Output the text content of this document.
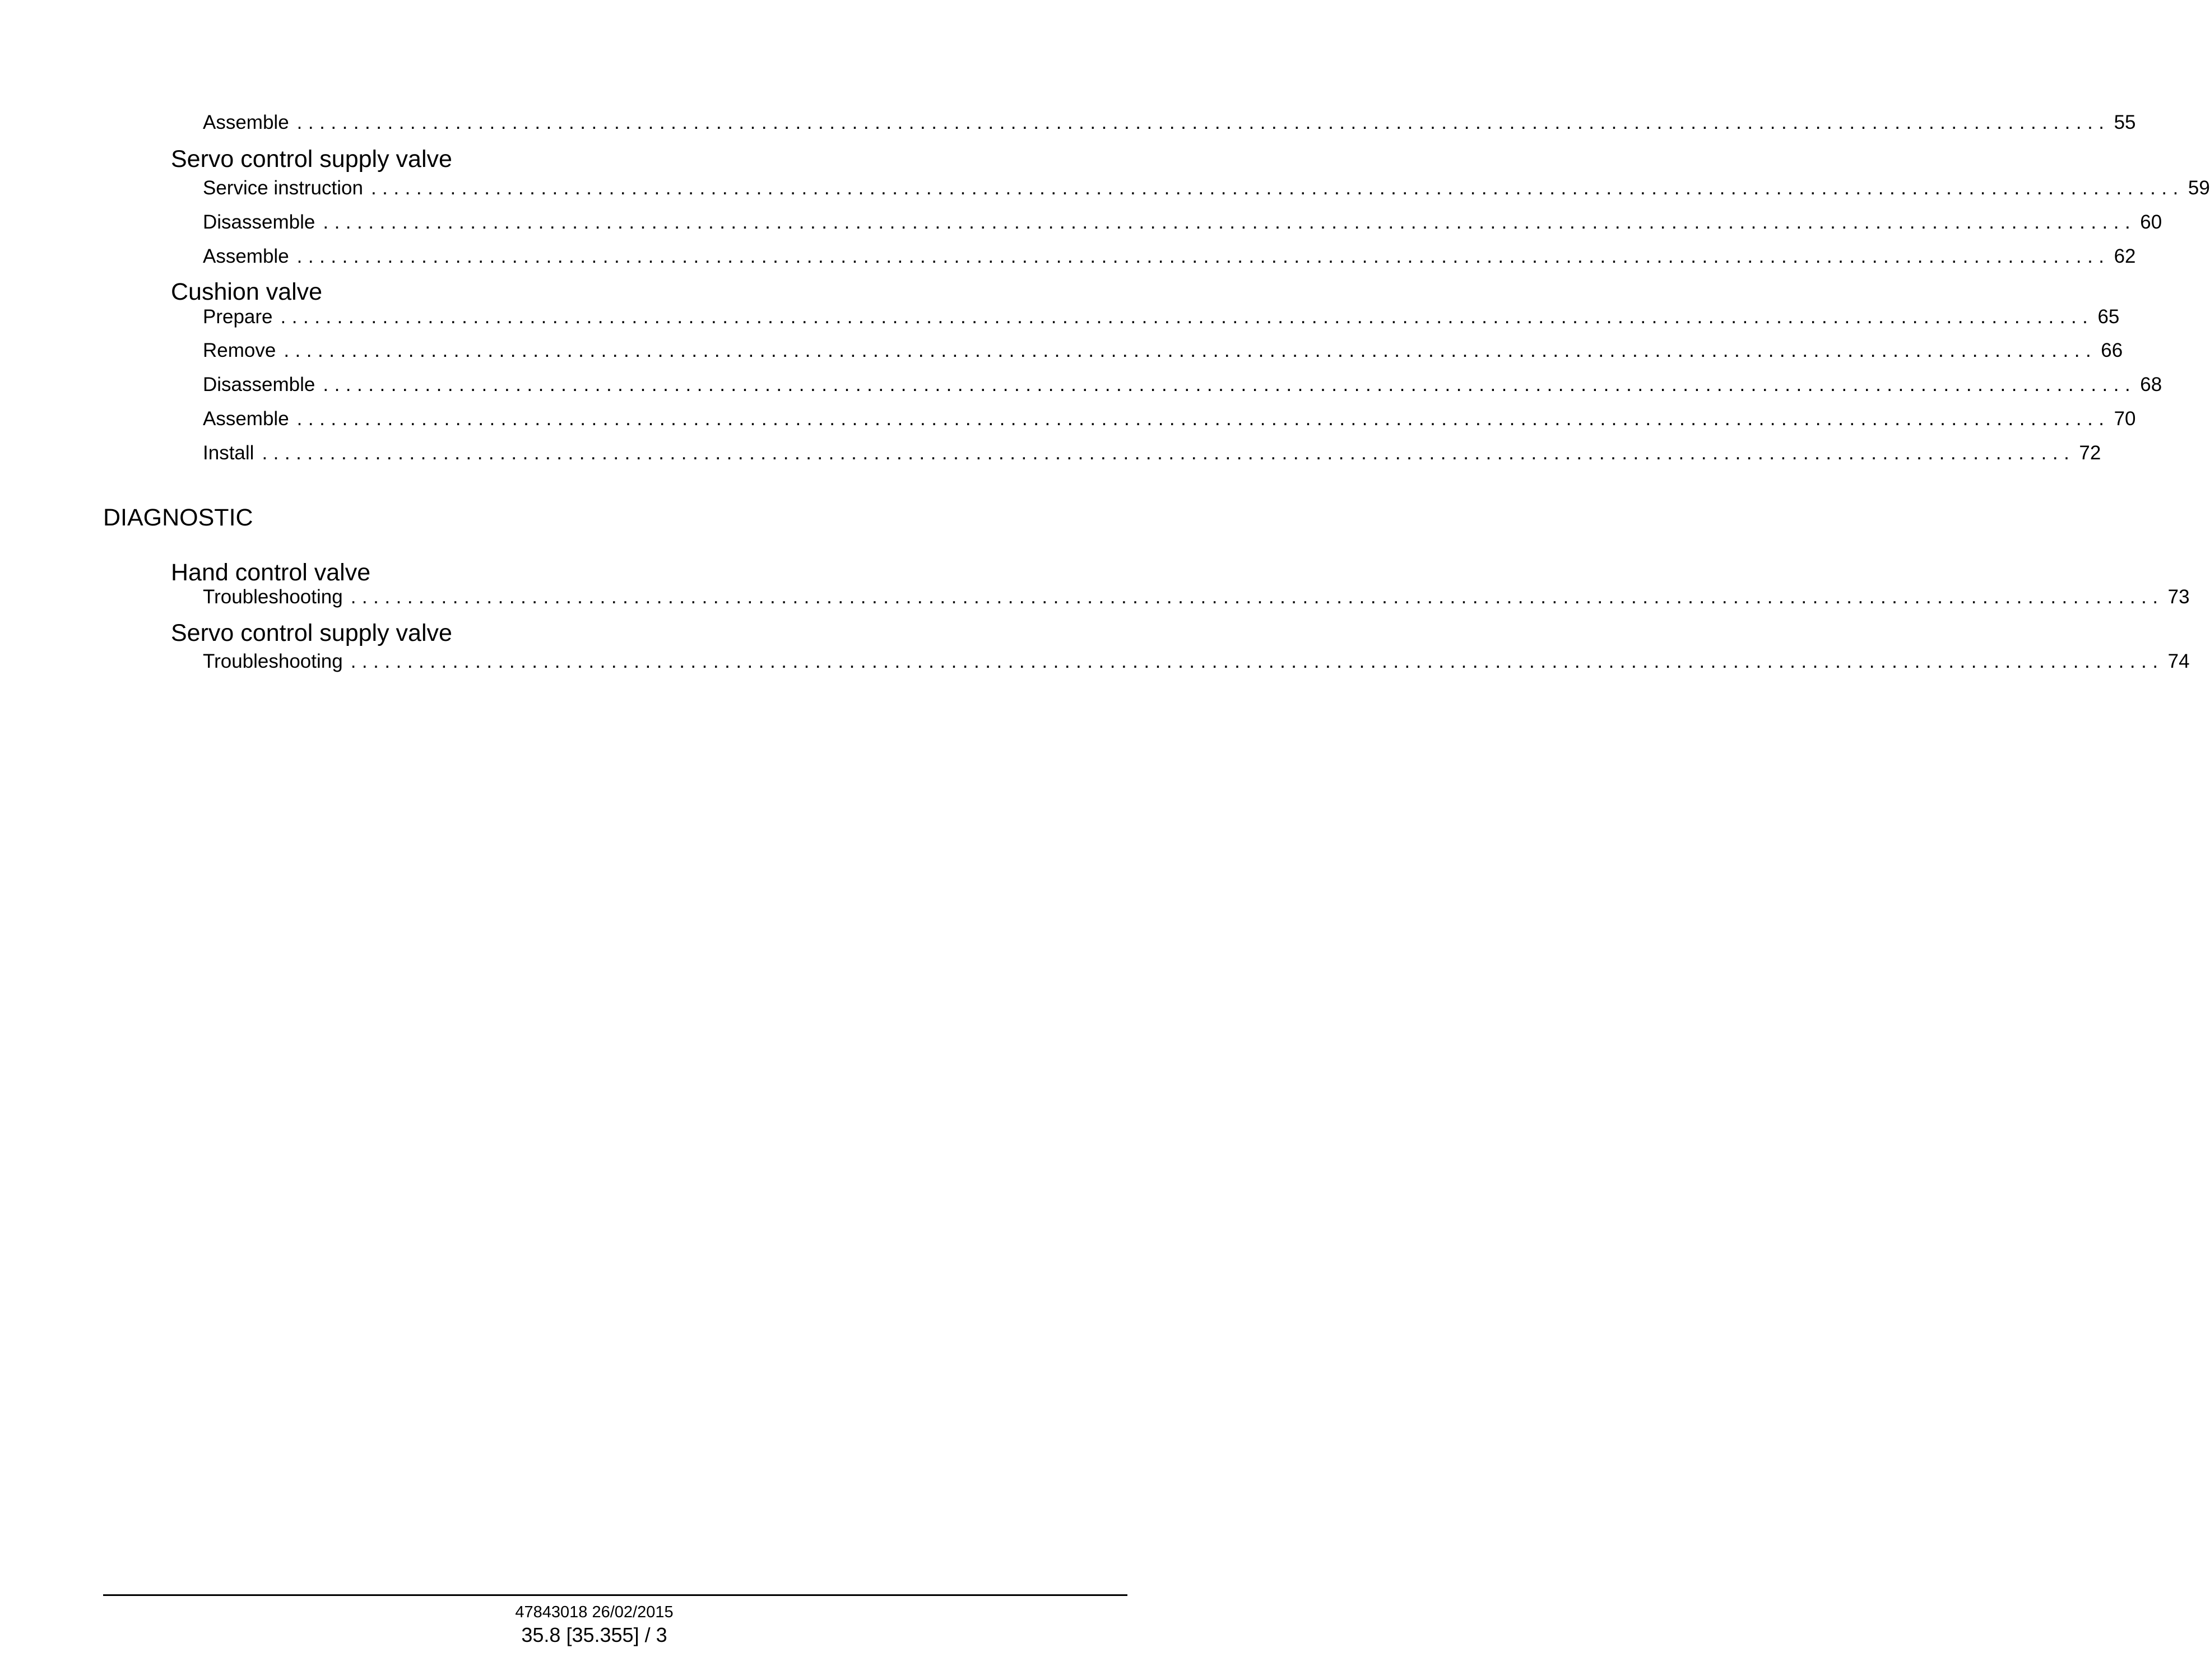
Assemble ................................................................................................................................................................ 55
Servo control supply valve
Service instruction ................................................................................................................................................................ 59
Disassemble ................................................................................................................................................................ 60
Assemble ................................................................................................................................................................ 62
Cushion valve
Prepare ................................................................................................................................................................ 65
Remove ................................................................................................................................................................ 66
Disassemble ................................................................................................................................................................ 68
Assemble ................................................................................................................................................................ 70
Install ................................................................................................................................................................ 72
DIAGNOSTIC
Hand control valve
Troubleshooting ................................................................................................................................................................ 73
Servo control supply valve
Troubleshooting ................................................................................................................................................................ 74
47843018 26/02/2015
35.8 [35.355] / 3
